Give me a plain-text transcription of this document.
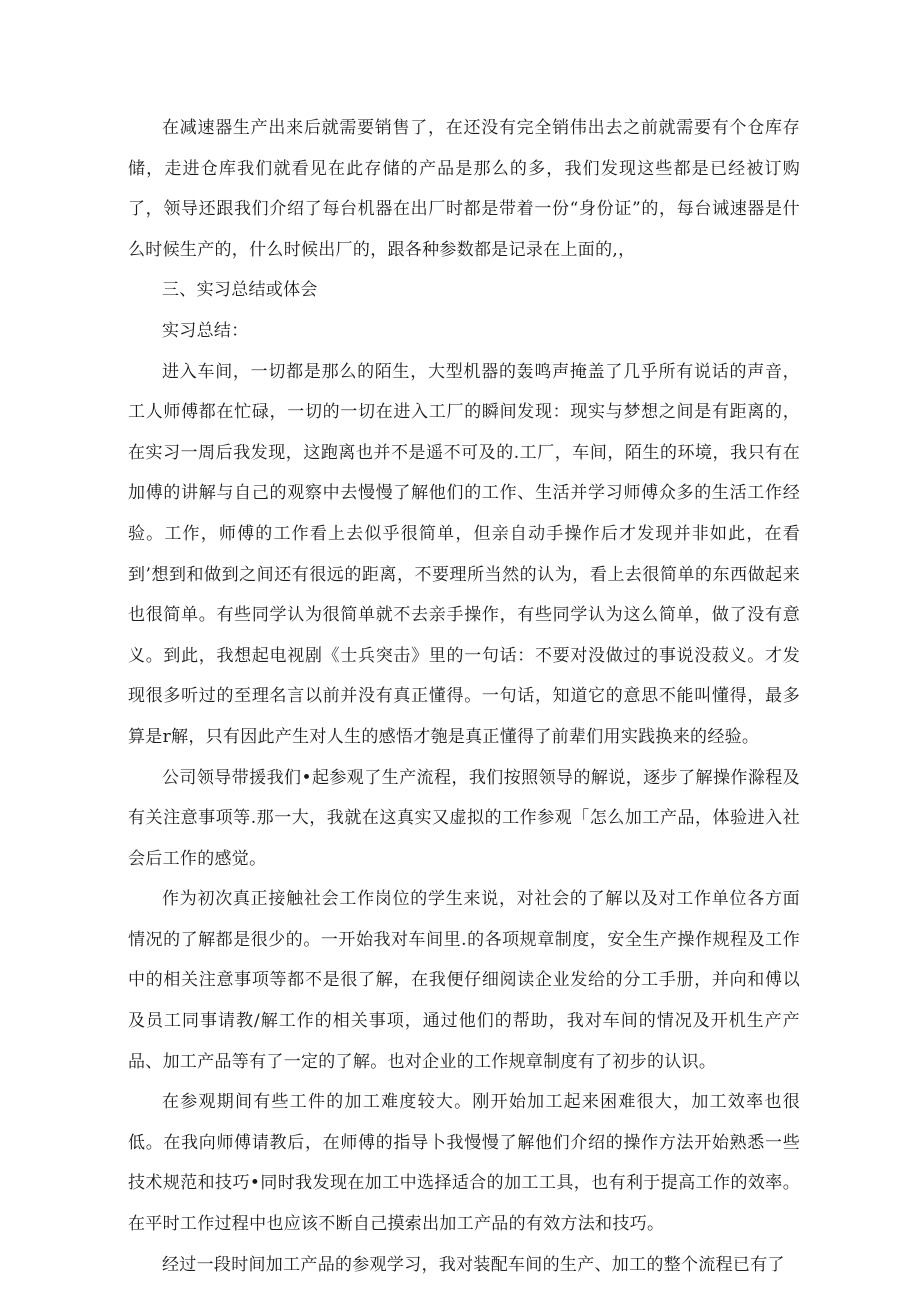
在减速器生产出来后就需要销售了，在还没有完全销伟出去之前就需要有个仓库存储，走进仓库我们就看见在此存储的产品是那么的多，我们发现这些都是已经被订购了，领导还跟我们介绍了每台机器在出厂时都是带着一份“身份证”的，每台诫速器是什么时候生产的，什么时候出厂的，跟各种参数都是记录在上面的,，

三、实习总结或体会

实习总结：

进入车间，一切都是那么的陌生，大型机器的轰鸣声掩盖了几乎所有说话的声音，工人师傅都在忙碌，一切的一切在进入工厂的瞬间发现：现实与梦想之间是有距离的，在实习一周后我发现，这跑离也并不是遥不可及的.工厂，车间，陌生的环境，我只有在加傅的讲解与自己的观察中去慢慢了解他们的工作、生活并学习师傅众多的生活工作经验。工作，师傅的工作看上去似乎很简单，但亲自动手操作后才发现并非如此，在看到’想到和做到之间还有很远的距离，不要理所当然的认为，看上去很简单的东西做起来也很简单。有些同学认为很简单就不去亲手操作，有些同学认为这么简单，做了没有意义。到此，我想起电视剧《士兵突击》里的一句话：不要对没做过的事说没菽义。才发现很多听过的至理名言以前并没有真正懂得。一句话，知道它的意思不能叫懂得，最多算是r解，只有因此产生对人生的感悟才匏是真正懂得了前辈们用实践换来的经验。

公司领导带援我们•起参观了生产流程，我们按照领导的解说，逐步了解操作滁程及有关注意事项等.那一大，我就在这真实又虚拟的工作参观「怎么加工产品，体验进入社会后工作的感觉。

作为初次真正接触社会工作岗位的学生来说，对社会的了解以及对工作单位各方面情况的了解都是很少的。一开始我对车间里.的各项规章制度，安全生产操作规程及工作中的相关注意事项等都不是很了解，在我便仔细阅读企业发给的分工手册，并向和傅以及员工同事请教/解工作的相关事项，通过他们的帮助，我对车间的情况及开机生产产品、加工产品等有了一定的了解。也对企业的工作规章制度有了初步的认识。

在参观期间有些工件的加工难度较大。刚开始加工起来困难很大，加工效率也很低。在我向师傅请教后，在师傅的指导卜我慢慢了解他们介绍的操作方法开始熟悉一些技术规范和技巧•同时我发现在加工中选择适合的加工工具，也有利于提高工作的效率。在平时工作过程中也应该不断自己摸索出加工产品的有效方法和技巧。

经过一段时间加工产品的参观学习，我对装配车间的生产、加工的整个流程已有了
